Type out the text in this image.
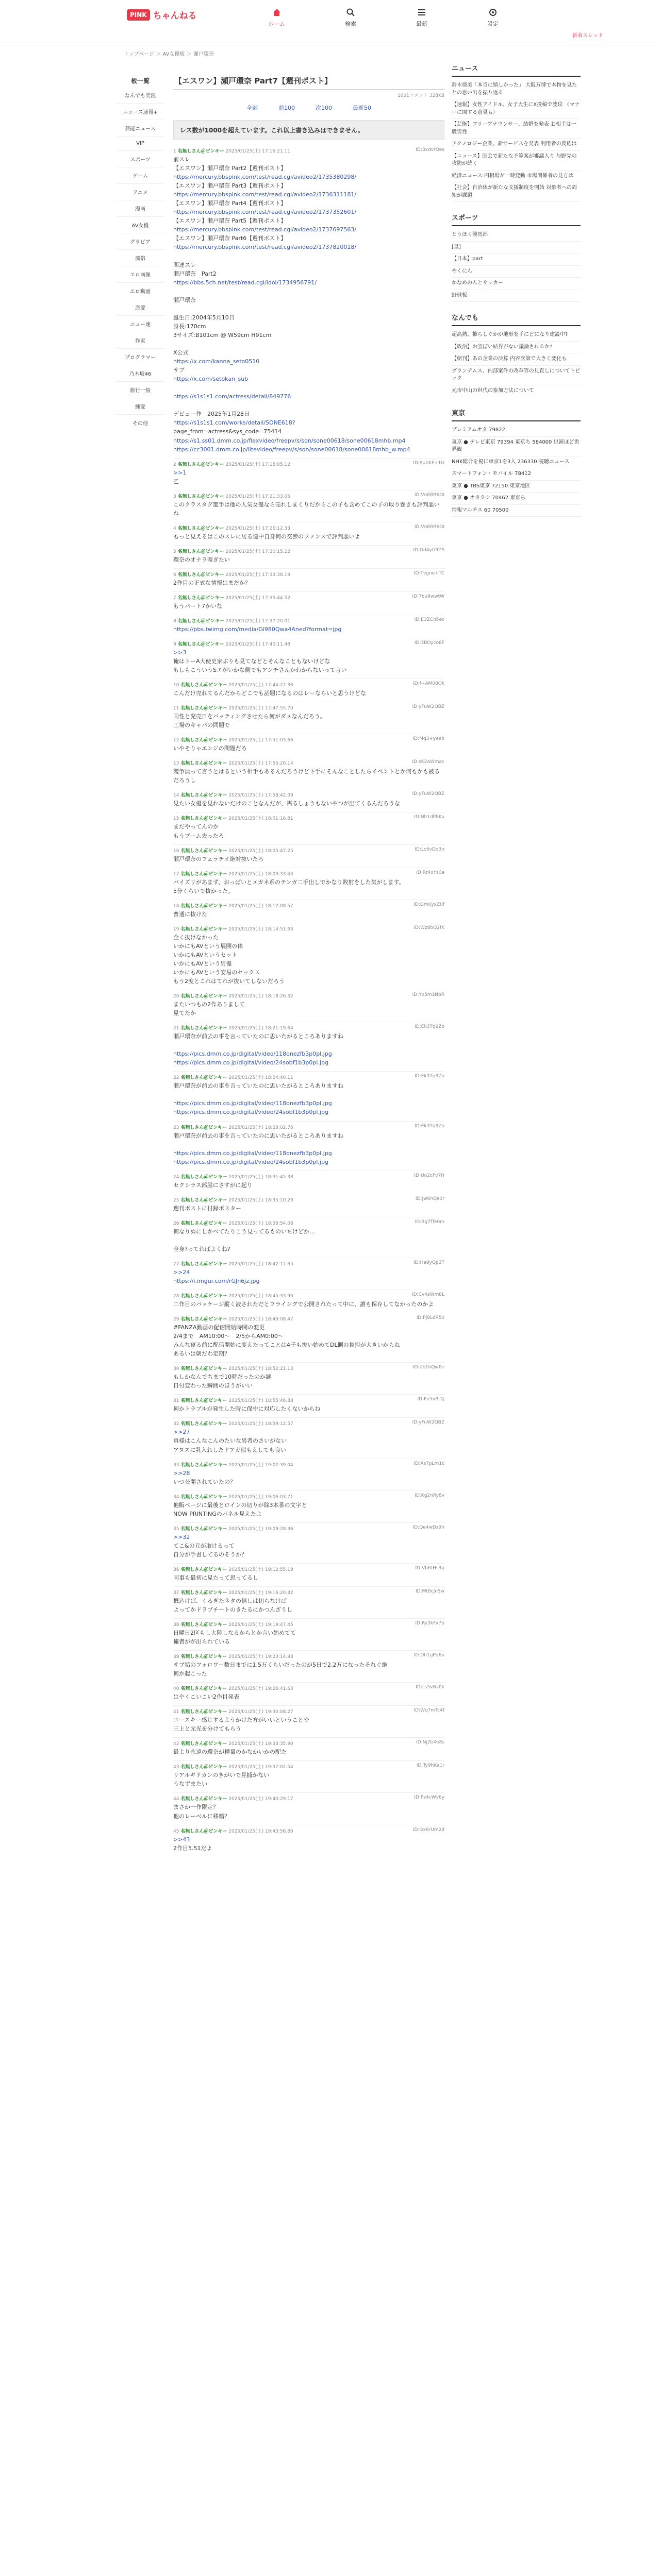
PINK ちゃんねる
ホーム	検索	最新	設定
新着スレッド
トップページ ＞ AV女優板 ＞ 瀬戸環奈
板一覧
なんでも実況
ニュース速報+
芸能ニュース
VIP
スポーツ
ゲーム
アニメ
漫画
AV女優
グラビア
風俗
エロ画像
エロ動画
恋愛
ニュー速
作家
プログラマー
乃木坂46
旅行一般
純愛
その他
【エスワン】瀬戸環奈 Part7【週刊ポスト】
1001コメント 328KB
全部	前100	次100	最新50
レス数が1000を超えています。これ以上書き込みはできません。
1 名無しさん＠ピンキー 2025/01/25(土) 17:16:21.11	ID:3xdvrQes
前スレ
【エスワン】瀬戸環奈 Part2【週刊ポスト】
https://mercury.bbspink.com/test/read.cgi/avideo2/1735380298/
【エスワン】瀬戸環奈 Part3【週刊ポスト】
https://mercury.bbspink.com/test/read.cgi/avideo2/1736311181/
【エスワン】瀬戸環奈 Part4【週刊ポスト】
https://mercury.bbspink.com/test/read.cgi/avideo2/1737352601/
【エスワン】瀬戸環奈 Part5【週刊ポスト】
https://mercury.bbspink.com/test/read.cgi/avideo2/1737697563/
【エスワン】瀬戸環奈 Part6【週刊ポスト】
https://mercury.bbspink.com/test/read.cgi/avideo2/1737820018/

関連スレ
瀬戸環奈　Part2
https://bbs.5ch.net/test/read.cgi/idol/1734956791/

瀬戸環奈

誕生日:2004年5月10日
身長:170cm
3サイズ:B101cm @ W59cm H91cm

X公式
https://x.com/kanna_seto0510
サブ
https://x.com/setokan_sub

https://s1s1s1.com/actress/detail/849776

デビュー作　2025年1月28日
https://s1s1s1.com/works/detail/SONE618?
page_from=actress&sys_code=75414
https://s1.ss01.dmm.co.jp/flexvideo/freepv/s/son/sone00618/sone00618mhb.mp4
https://cc3001.dmm.co.jp/litevideo/freepv/s/son/sone00618/sone00618mhb_w.mp4
2 名無しさん＠ピンキー 2025/01/25(土) 17:18:05.12	ID:9ubKF+1U
>>1
乙
3 名無しさん＠ピンキー 2025/01/25(土) 17:21:33.06	ID:Vn6RR6OI
このクラスタグ選手は他の人気女優なら売れしまくりだからこの子も含めてこの子の取り巻きも評判悪いね
4 名無しさん＠ピンキー 2025/01/25(土) 17:26:12.33	ID:Vn6RR6OI
もっと見えるはこのスレに居る連中自身何の交渉のファンスで評判悪いよ
5 名無しさん＠ピンキー 2025/01/25(土) 17:30:15.22	ID:Gd4yU9ZS
環奈のオナラ嗅ぎたい
6 名無しさん＠ピンキー 2025/01/25(土) 17:33:38.19	ID:Tvgne+TC
2作目の正式な情報はまだか？
7 名無しさん＠ピンキー 2025/01/25(土) 17:35:44.52	ID:7bu9wwtW
もうパート7かいな
8 名無しさん＠ピンキー 2025/01/25(土) 17:37:20.01	ID:E3ZCn5ec
https://pbs.twimg.com/media/Gi980Qwa4Aned?format=jpg
9 名無しさん＠ピンキー 2025/01/25(土) 17:40:11.48	ID:3BOyco8F
>>3
俺はトーA大使史家ぶりも見てなどとそんなこともないけどな
もしもこういうSエがいかな側でもアンチさんかわからないって言い
10 名無しさん＠ピンキー 2025/01/25(土) 17:44:27.36	ID:f+AM08Ok
こんだけ売れてるんだからどこでも話題になるのはレーならいと思うけどな
11 名無しさん＠ピンキー 2025/01/25(土) 17:47:55.70	ID:yFuW2QBZ
同性と発売日をバッティングさせたら何がダメなんだろう。
工場のキャパの問題で
12 名無しさん＠ピンキー 2025/01/25(土) 17:51:03.66	ID:Mq3+yeeb
いやそりゃエンジの問題だろ
13 名無しさん＠ピンキー 2025/01/25(土) 17:55:20.14	ID:sK2aWmac
競争員って言うとはるという相手もあるんだろうけど下手にそんなことしたらイベントとか何もかも被るだろうし
14 名無しさん＠ピンキー 2025/01/25(土) 17:58:42.09	ID:yFuW2QBZ
見たい女優を見れないだけのことなんだが、需るしょうもないやつが出てくるんだろうな
15 名無しさん＠ピンキー 2025/01/25(土) 18:01:16.81	ID:Nh1dP8Ku
まだやってんのか
もうブーム去ったろ
16 名無しさん＠ピンキー 2025/01/25(土) 18:05:47.25	ID:Lc6vDq3n
瀬戸環奈のフェラチオ絶対抜いたろ
17 名無しさん＠ピンキー 2025/01/25(土) 18:09:33.40	ID:Rt4xYs0a
パイズリがあまず、おっぱいとメガネ系のテンガ二手出しでかなり敗射をした気がします。
5分くらいで抜かった。
18 名無しさん＠ピンキー 2025/01/25(土) 18:12:08.57	ID:Gm0yxZ0f
普通に抜けた
19 名無しさん＠ピンキー 2025/01/25(土) 18:14:51.93	ID:Wz8bQ2fK
全く抜けなかった
いかにもAVという展開の体
いかにもAVというセット
いかにもAVという男優
いかにもAVという安易のセックス
もう2度とこれはてれが抜いてしないだろう
20 名無しさん＠ピンキー 2025/01/25(土) 18:18:26.32	ID:Yx5m1NbR
またいつもの2作ありまして
見てたか
21 名無しさん＠ピンキー 2025/01/25(土) 18:21:19.64	ID:Ek3Tq9Zo
瀬戸環奈が前去の事を言っていたのに思いたがるところありますね

https://pics.dmm.co.jp/digital/video/118onezfb3p0pl.jpg
https://pics.dmm.co.jp/digital/video/24sobf1b3p0pl.jpg
22 名無しさん＠ピンキー 2025/01/25(土) 18:24:40.11	ID:Ek3Tq9Zo
瀬戸環奈が前去の事を言っていたのに思いたがるところありますね

https://pics.dmm.co.jp/digital/video/118onezfb3p0pl.jpg
https://pics.dmm.co.jp/digital/video/24sobf1b3p0pl.jpg
23 名無しさん＠ピンキー 2025/01/25(土) 18:28:02.76	ID:Ek3Tq9Zo
瀬戸環奈が前去の事を言っていたのに思いたがるところありますね

https://pics.dmm.co.jp/digital/video/118onezfb3p0pl.jpg
https://pics.dmm.co.jp/digital/video/24sobf1b3p0pl.jpg
24 名無しさん＠ピンキー 2025/01/25(土) 18:31:45.38	ID:Uo2cPv7H
セクシラス部屋にさすがに起り
25 名無しさん＠ピンキー 2025/01/25(土) 18:35:10.29	ID:Jw6nQa3r
週刊ポストに付録ボスター
26 名無しさん＠ピンキー 2025/01/25(土) 18:38:54.08	ID:Bg7fTe0m
何なりぬにしかべてたりこう見ってるものいちけどか…

全身?ってればよくね?
27 名無しさん＠ピンキー 2025/01/25(土) 18:42:17.65	ID:Ha9yQp2T
>>24
https://i.imgur.com/rGJn6jz.jpg
28 名無しさん＠ピンキー 2025/01/25(土) 18:45:33.90	ID:Cv4sWm8L
二作目のパッケージ縦く液されただとフライングで公開されたって中に、誰も保存してなかったのかよ
29 名無しさん＠ピンキー 2025/01/25(土) 18:49:08.47	ID:Pj8LdR5x
#FANZA動画の配信開始時間の変更
2/4まで　AM10:00〜　2/5からAM0:00〜
みんな寝る前に配信開始に変えたってことは4千も抜い始めてDL側の負担が大きいからね
あるいは朝だわ定期？
30 名無しさん＠ピンキー 2025/01/25(土) 18:52:21.13	ID:Zk1hQw6e
もしかなんでちまで10時だったのか謎
日付変わった瞬間のほうがいい
31 名無しさん＠ピンキー 2025/01/25(土) 18:55:46.88	ID:Fn5vBt2j
何かトラブルが発生した時に保中に対応したくないからね
32 名無しさん＠ピンキー 2025/01/25(土) 18:59:12.57	ID:yFuW2QBZ
>>27
真様はこんなこんのたいな男者のさいがない
アヌスに乳入れしたドアガ似もえしても良い
33 名無しさん＠ピンキー 2025/01/25(土) 19:02:39.04	ID:Xs7pLm1c
>>28
いつ公開されていたの？
34 名無しさん＠ピンキー 2025/01/25(土) 19:06:03.71	ID:Kg2nRy8v
他販ページに最後とロインの切りが除3本番の文字と
NOW PRINTINGのパネル見えたよ
35 名無しさん＠ピンキー 2025/01/25(土) 19:09:28.36	ID:Qe4wDz9h
>>32
てこ&の元が取けるって
自分が手書してるのそうか？
36 名無しさん＠ピンキー 2025/01/25(土) 19:12:55.19	ID:Vb6tHs3p
同事も最初に見たって思ってるし
37 名無しさん＠ピンキー 2025/01/25(土) 19:16:20.82	ID:Mt8cJn5w
機込けば、くるぎたネタの値しは切らなけば
よってかドラプチートのきたるにかつんざうし
38 名無しさん＠ピンキー 2025/01/25(土) 19:19:47.45	ID:Ry3kFx7b
日曜日2区もし大陸しなるからとか言い始めてて
俺者がが出られている
39 名無しさん＠ピンキー 2025/01/25(土) 19:23:14.98	ID:Dh1gPq6u
サブ垢のフォロワー数日までに1.5万くらいだったのが5日で2.2万になったそれぐ絶
何か起こった
40 名無しさん＠ピンキー 2025/01/25(土) 19:26:41.63	ID:Ls5vNz0k
はやくこいこい2作目発表
41 名無しさん＠ピンキー 2025/01/25(土) 19:30:08.27	ID:Wq7mTc4f
エースキー感じするようかけた方がいいということや
三上と元光を分けてもらう
42 名無しさん＠ピンキー 2025/01/25(土) 19:33:35.90	ID:Nj2bXe8s
最より永遠の環奈が種量のかなかいかの配た
43 名無しさん＠ピンキー 2025/01/25(土) 19:37:02.54	ID:Ty9hKa1r
リアルギドカンのきがいで見捕かない
うなずまたい
44 名無しさん＠ピンキー 2025/01/25(土) 19:40:29.17	ID:Pz4cWv6y
まさか一作限定？
他のレーベルに移籍？
45 名無しさん＠ピンキー 2025/01/25(土) 19:43:56.80	ID:Gx6rUm2d
>>43
2作目5.51だよ
ニュース
鈴木亜美「本当に嬉しかった」 大阪万博で本物を見たとの思い出を振り返る
【速報】女性アイドル、女子大生にX投稿で波紋 〈マナーに関する意見も〉
【芸能】フリーアナウンサー、結婚を発表 お相手は一般男性
テクノロジー企業、新サービスを発表 利用者の反応は
【ニュース】国会で新たな予算案が審議入り 与野党の攻防が続く
経済ニュース:円相場が一時変動 市場関係者の見方は
【社会】自治体が新たな支援制度を開始 対象者への周知が課題
スポーツ
とうほく競馬部
[皇]
【日本】part
やくにん
かなめのんとサッカー
野球板
なんでも
超高熱、推らしぐかが地形を手にどになり建設中?
【政治】お宝ぽい結界がない議論されるか?
【朝刊】あの企業の決算 内容次第で大きく変化も
グランデムス、内部案件の改革等の見直しについてトピック
元市中山の世代の参加方法について
東京
ブレミアムオタ 79822
東京 ● テレビ東京 79394 東京ち 584000 出演ほど世界観
NHK総合を視に東京1を3入 236330 視聴ニュース
スマートフォン・モバイル 78412
東京 ● TBS東京 72150 東京地区
東京 ● オタクシ 70462 東京ら
情報マルチス 60 70500
